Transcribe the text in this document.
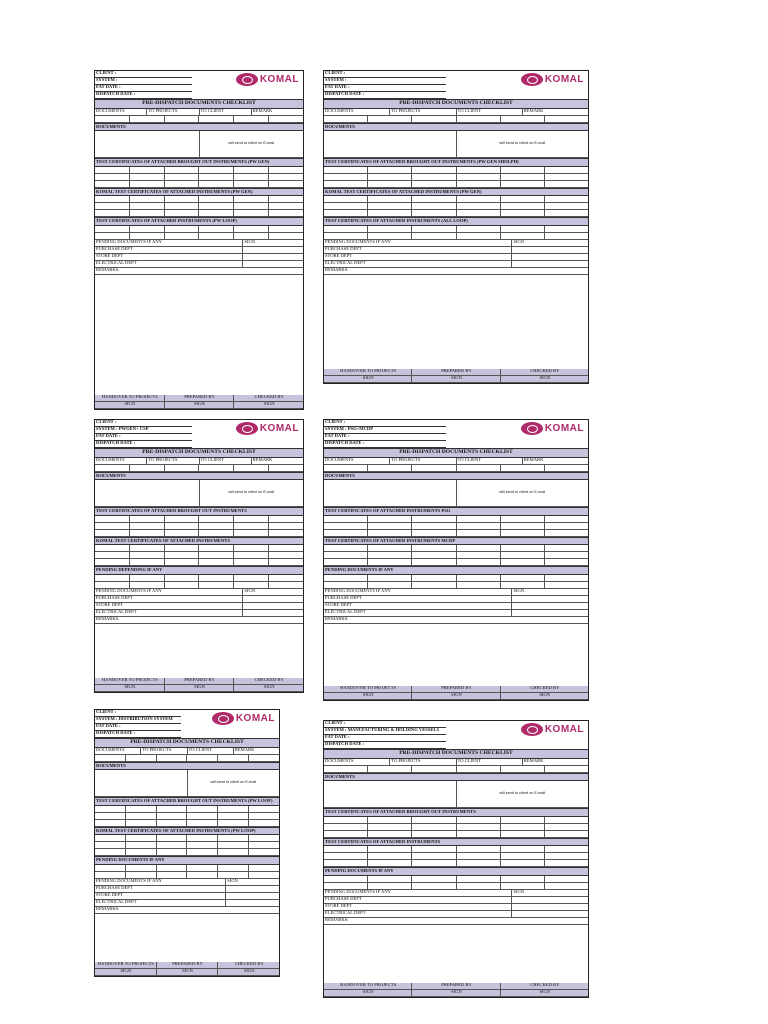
CLIENT :
SYSTEM :
FAT DATE :
DISPATCH DATE :
KOMAL
PRE-DISPATCH DOCUMENTS CHECKLIST
DOCUMENTS	TO PROJECTS	TO CLIENT	REMARK
DOCUMENTS
will send to client on E-mail
TEST CERTIFICATES OF ATTACHED BROUGHT OUT INSTRUMENTS (PW GEN)
KOMAL TEST CERTIFICATES OF ATTACHED INSTRUMENTS (PW GEN)
TEST CERTIFICATES OF ATTACHED INSTRUMENTS (PW LOOP)
PENDING DOCUMENTS IF ANY	SIGN
PURCHASE DEPT
STORE DEPT
ELECTRICAL DEPT
REMARKS:
HANDOVER TO PROJECTS	PREPARED BY	CHECKED BY
SIGN	SIGN	SIGN
CLIENT :
SYSTEM :
FAT DATE :
DISPATCH DATE :
KOMAL
PRE-DISPATCH DOCUMENTS CHECKLIST
DOCUMENTS	TO PROJECTS	TO CLIENT	REMARK
DOCUMENTS
will send to client on E-mail
TEST CERTIFICATES OF ATTACHED BROUGHT OUT INSTRUMENTS (PW GEN SHOLPH)
KOMAL TEST CERTIFICATES OF ATTACHED INSTRUMENTS (PW GEN)
TEST CERTIFICATES OF ATTACHED INSTRUMENTS (ALL LOOP)
PENDING DOCUMENTS IF ANY	SIGN
PURCHASE DEPT
STORE DEPT
ELECTRICAL DEPT
REMARKS:
HANDOVER TO PROJECTS	PREPARED BY	CHECKED BY
SIGN	SIGN	SIGN
CLIENT :
SYSTEM : PWGEN+ CSP
FAT DATE :
DISPATCH DATE :
KOMAL
PRE-DISPATCH DOCUMENTS CHECKLIST
DOCUMENTS	TO PROJECTS	TO CLIENT	REMARK
DOCUMENTS
will send to client on E-mail
TEST CERTIFICATES OF ATTACHED BROUGHT OUT INSTRUMENTS
KOMAL TEST CERTIFICATES OF ATTACHED INSTRUMENTS
PENDING DEPENDING IF ANY
PENDING DOCUMENTS IF ANY	SIGN
PURCHASE DEPT
STORE DEPT
ELECTRICAL DEPT
REMARKS:
HANDOVER TO PROJECTS	PREPARED BY	CHECKED BY
SIGN	SIGN	SIGN
CLIENT :
SYSTEM : PSG+MCDP
FAT DATE :
DISPATCH DATE :
KOMAL
PRE-DISPATCH DOCUMENTS CHECKLIST
DOCUMENTS	TO PROJECTS	TO CLIENT	REMARK
DOCUMENTS
will send to client on E-mail
TEST CERTIFICATES OF ATTACHED INSTRUMENTS PSG
TEST CERTIFICATES OF ATTACHED INSTRUMENTS MCDP
PENDING DOCUMENTS IF ANY
PENDING DOCUMENTS IF ANY	SIGN
PURCHASE DEPT
STORE DEPT
ELECTRICAL DEPT
REMARKS:
HANDOVER TO PROJECTS	PREPARED BY	CHECKED BY
SIGN	SIGN	SIGN
CLIENT :
SYSTEM : DISTRIBUTION SYSTEM
FAT DATE :
DISPATCH DATE :
KOMAL
PRE-DISPATCH DOCUMENTS CHECKLIST
DOCUMENTS	TO PROJECTS	TO CLIENT	REMARK
DOCUMENTS
will send to client on E-mail
TEST CERTIFICATES OF ATTACHED BROUGHT OUT INSTRUMENTS (PW LOOP)
KOMAL TEST CERTIFICATES OF ATTACHED INSTRUMENTS (PW LOOP)
PENDING DOCUMENTS IF ANY
PENDING DOCUMENTS IF ANY	SIGN
PURCHASE DEPT
STORE DEPT
ELECTRICAL DEPT
REMARKS:
HANDOVER TO PROJECTS	PREPARED BY	CHECKED BY
SIGN	SIGN	SIGN
CLIENT :
SYSTEM : MANUFACTURING & HOLDING VESSELS
FAT DATE :
DISPATCH DATE :
KOMAL
PRE-DISPATCH DOCUMENTS CHECKLIST
DOCUMENTS	TO PROJECTS	TO CLIENT	REMARK
DOCUMENTS
will send to client on E-mail
TEST CERTIFICATES OF ATTACHED BROUGHT OUT INSTRUMENTS
TEST CERTIFICATES OF ATTACHED INSTRUMENTS
PENDING DOCUMENTS IF ANY
PENDING DOCUMENTS IF ANY	SIGN
PURCHASE DEPT
STORE DEPT
ELECTRICAL DEPT
REMARKS:
HANDOVER TO PROJECTS	PREPARED BY	CHECKED BY
SIGN	SIGN	SIGN
